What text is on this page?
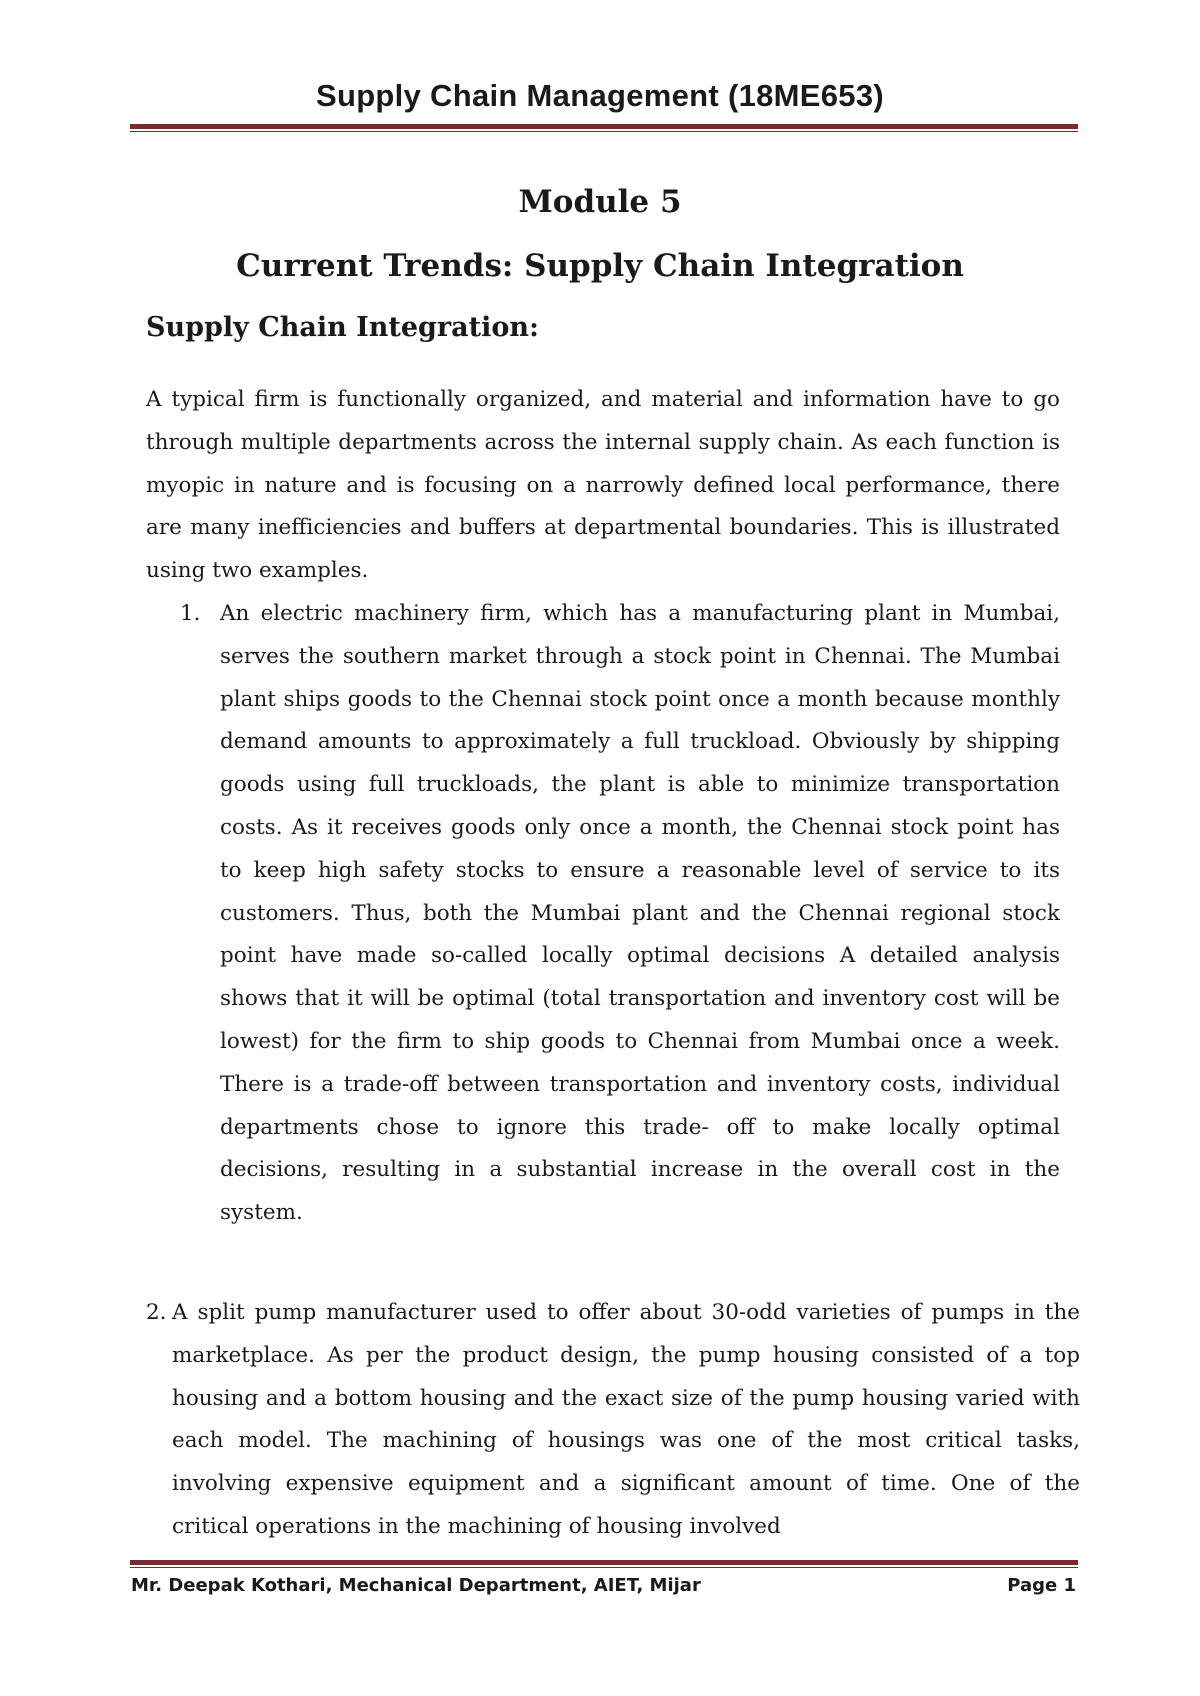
Supply Chain Management (18ME653)
Module 5
Current Trends: Supply Chain Integration
Supply Chain Integration:

A typical firm is functionally organized, and material and information have to go through multiple departments across the internal supply chain. As each function is myopic in nature and is focusing on a narrowly defined local performance, there are many inefficiencies and buffers at departmental boundaries. This is illustrated using two examples.

1. An electric machinery firm, which has a manufacturing plant in Mumbai, serves the southern market through a stock point in Chennai. The Mumbai plant ships goods to the Chennai stock point once a month because monthly demand amounts to approximately a full truckload. Obviously by shipping goods using full truckloads, the plant is able to minimize transportation costs. As it receives goods only once a month, the Chennai stock point has to keep high safety stocks to ensure a reasonable level of service to its customers. Thus, both the Mumbai plant and the Chennai regional stock point have made so-called locally optimal decisions A detailed analysis shows that it will be optimal (total transportation and inventory cost will be lowest) for the firm to ship goods to Chennai from Mumbai once a week. There is a trade-off between transportation and inventory costs, individual departments chose to ignore this trade- off to make locally optimal decisions, resulting in a substantial increase in the overall cost in the system.
2. A split pump manufacturer used to offer about 30-odd varieties of pumps in the marketplace. As per the product design, the pump housing consisted of a top housing and a bottom housing and the exact size of the pump housing varied with each model. The machining of housings was one of the most critical tasks, involving expensive equipment and a significant amount of time. One of the critical operations in the machining of housing involved
Mr. Deepak Kothari, Mechanical Department, AIET, Mijar	Page 1
